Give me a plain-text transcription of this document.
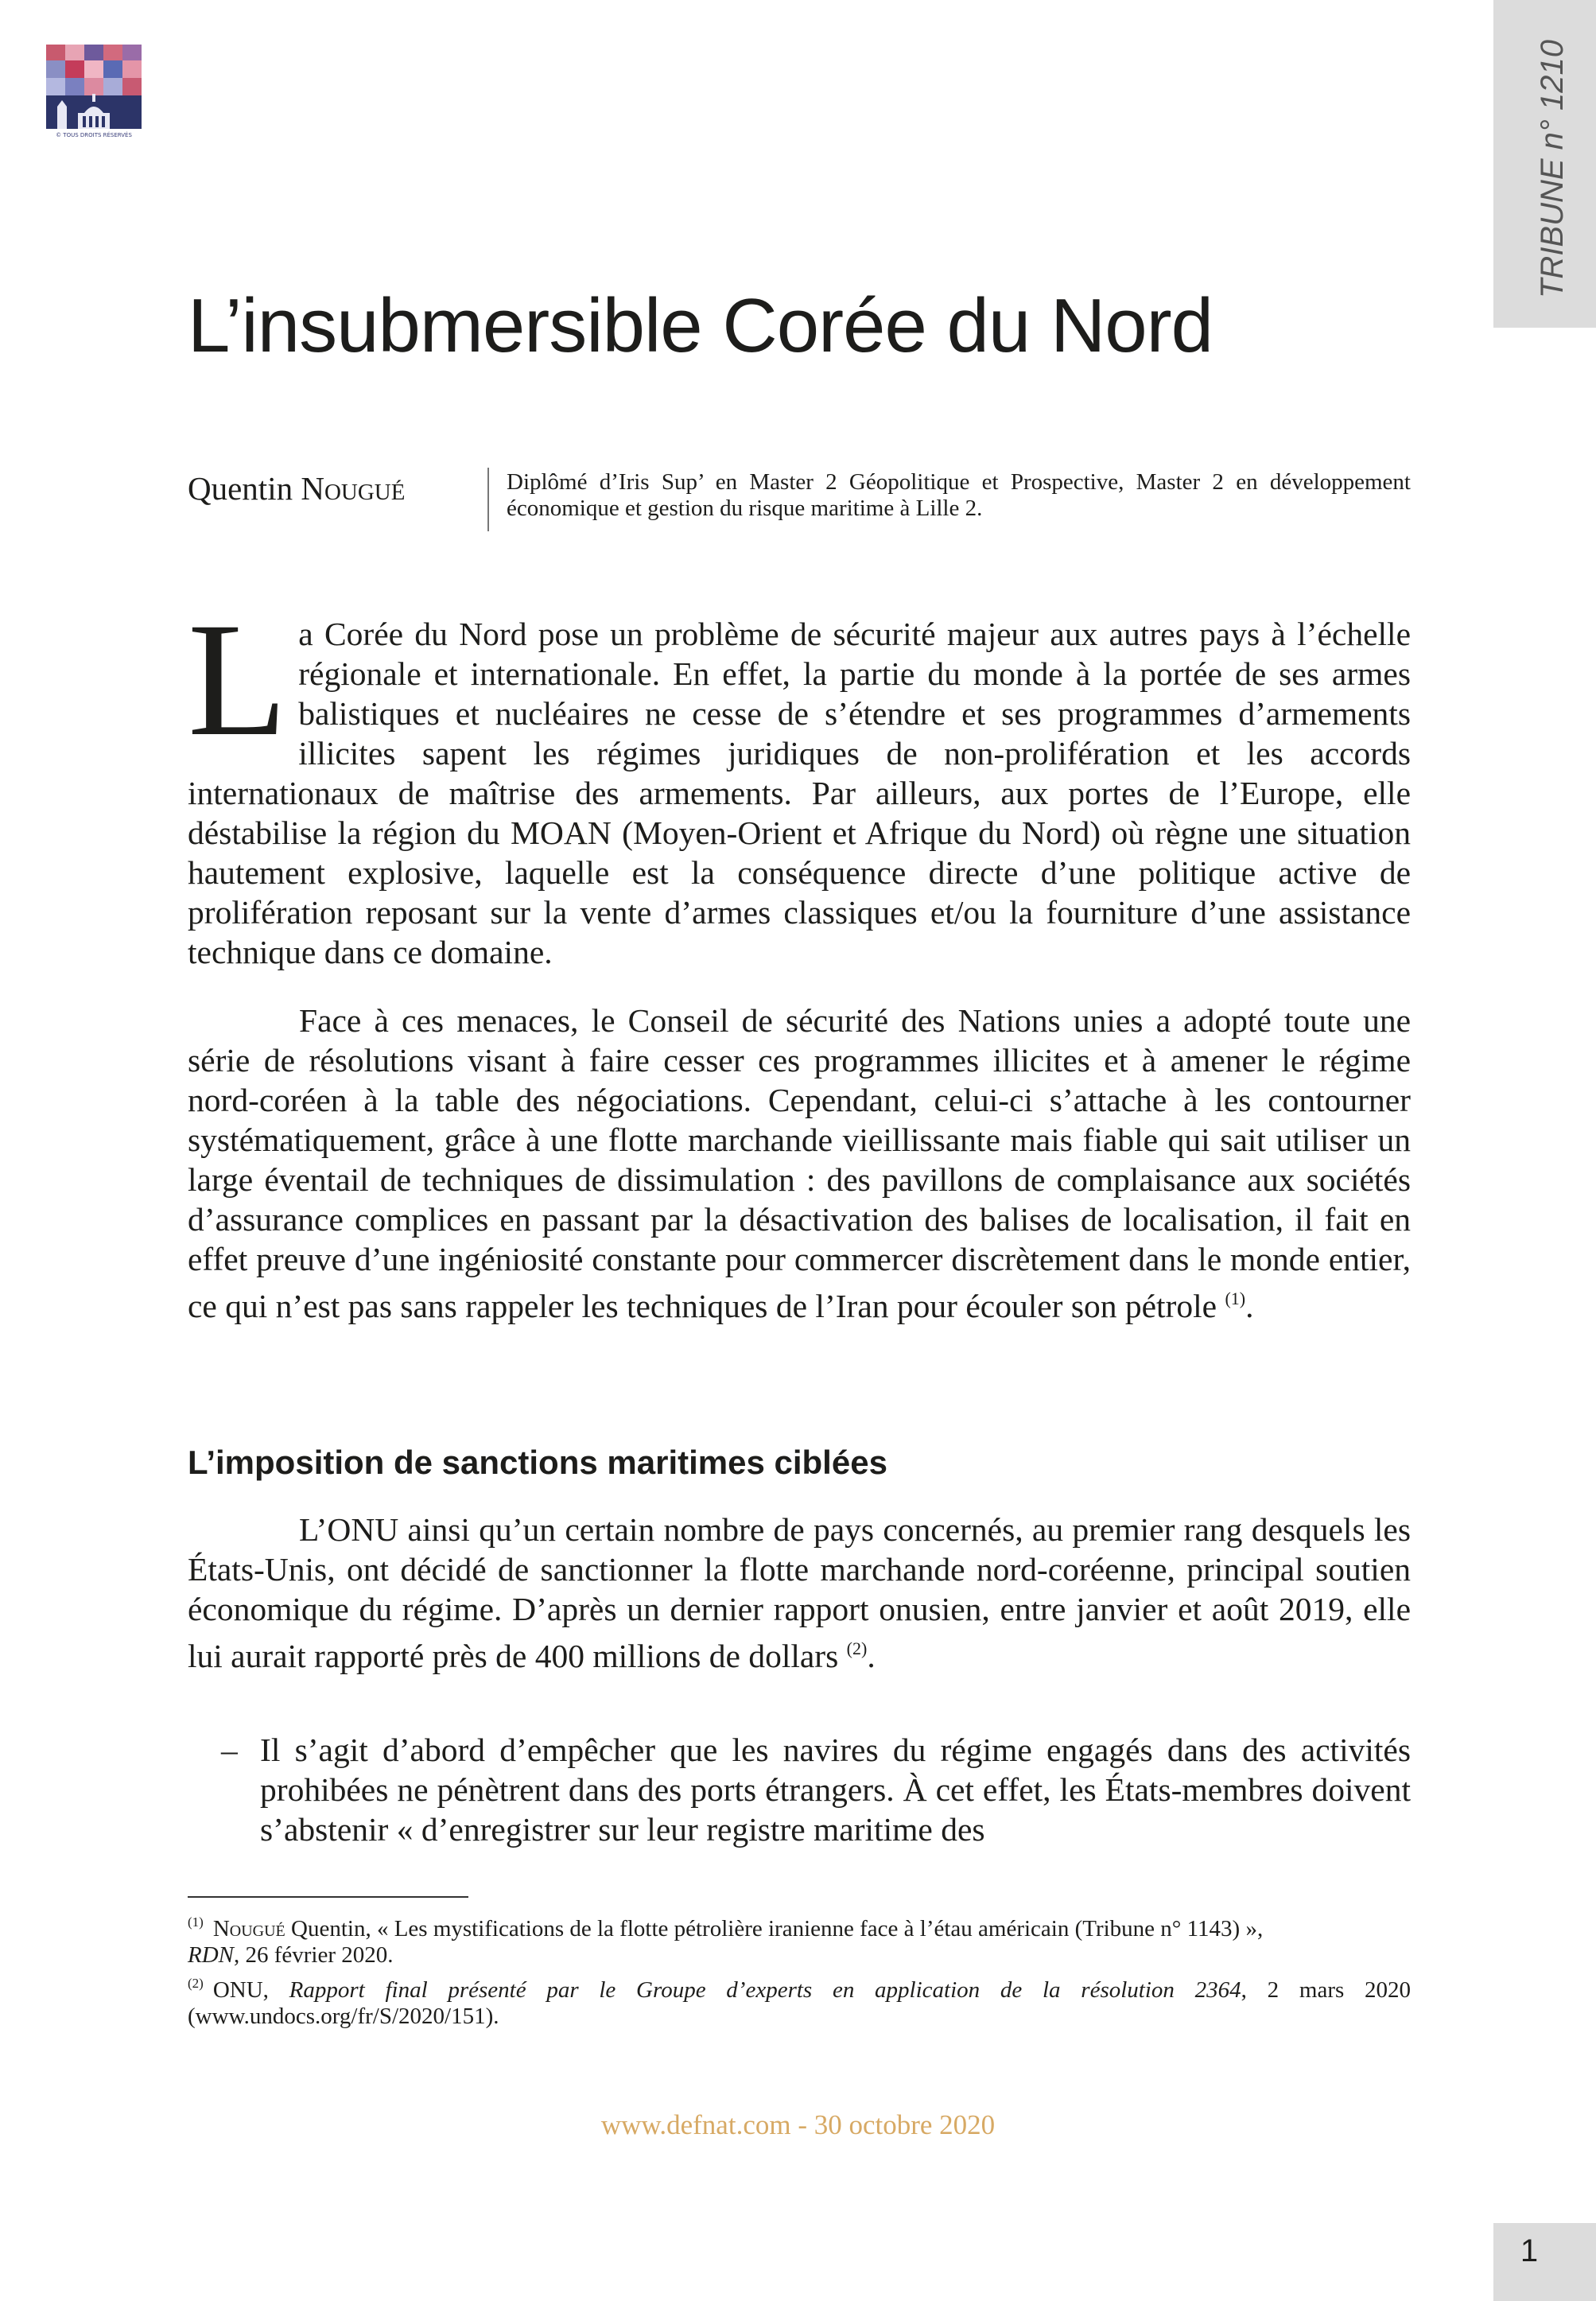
© TOUS DROITS RÉSERVÉS	TRIBUNE n° 1210
L’insubmersible Corée du Nord
Quentin Nougué	Diplômé d’Iris Sup’ en Master 2 Géopolitique et Prospective, Master 2 en développement économique et gestion du risque maritime à Lille 2.

La Corée du Nord pose un problème de sécurité majeur aux autres pays à l’échelle régionale et internationale. En effet, la partie du monde à la portée de ses armes balistiques et nucléaires ne cesse de s’étendre et ses programmes d’armements illicites sapent les régimes juridiques de non-prolifération et les accords internationaux de maîtrise des armements. Par ailleurs, aux portes de l’Europe, elle déstabilise la région du MOAN (Moyen-Orient et Afrique du Nord) où règne une situation hautement explosive, laquelle est la conséquence directe d’une politique active de prolifération reposant sur la vente d’armes classiques et/ou la fourniture d’une assistance technique dans ce domaine.

Face à ces menaces, le Conseil de sécurité des Nations unies a adopté toute une série de résolutions visant à faire cesser ces programmes illicites et à amener le régime nord-coréen à la table des négociations. Cependant, celui-ci s’attache à les contourner systématiquement, grâce à une flotte marchande vieillissante mais fiable qui sait utiliser un large éventail de techniques de dissimulation : des pavillons de complaisance aux sociétés d’assurance complices en passant par la désactivation des balises de localisation, il fait en effet preuve d’une ingéniosité constante pour commercer discrètement dans le monde entier, ce qui n’est pas sans rappeler les techniques de l’Iran pour écouler son pétrole $^{(1)}$.

L’imposition de sanctions maritimes ciblées

L’ONU ainsi qu’un certain nombre de pays concernés, au premier rang desquels les États-Unis, ont décidé de sanctionner la flotte marchande nord-coréenne, principal soutien économique du régime. D’après un dernier rapport onusien, entre janvier et août 2019, elle lui aurait rapporté près de 400 millions de dollars $^{(2)}$.

– Il s’agit d’abord d’empêcher que les navires du régime engagés dans des activités prohibées ne pénètrent dans des ports étrangers. À cet effet, les États-membres doivent s’abstenir « d’enregistrer sur leur registre maritime des

$^{(1)}$ Nougué Quentin, « Les mystifications de la flotte pétrolière iranienne face à l’étau américain (Tribune n° 1143) »,
RDN, 26 février 2020.

$^{(2)}$ ONU, Rapport final présenté par le Groupe d’experts en application de la résolution 2364, 2 mars 2020 (www.undocs.org/fr/S/2020/151).

www.defnat.com - 30 octobre 2020
1
